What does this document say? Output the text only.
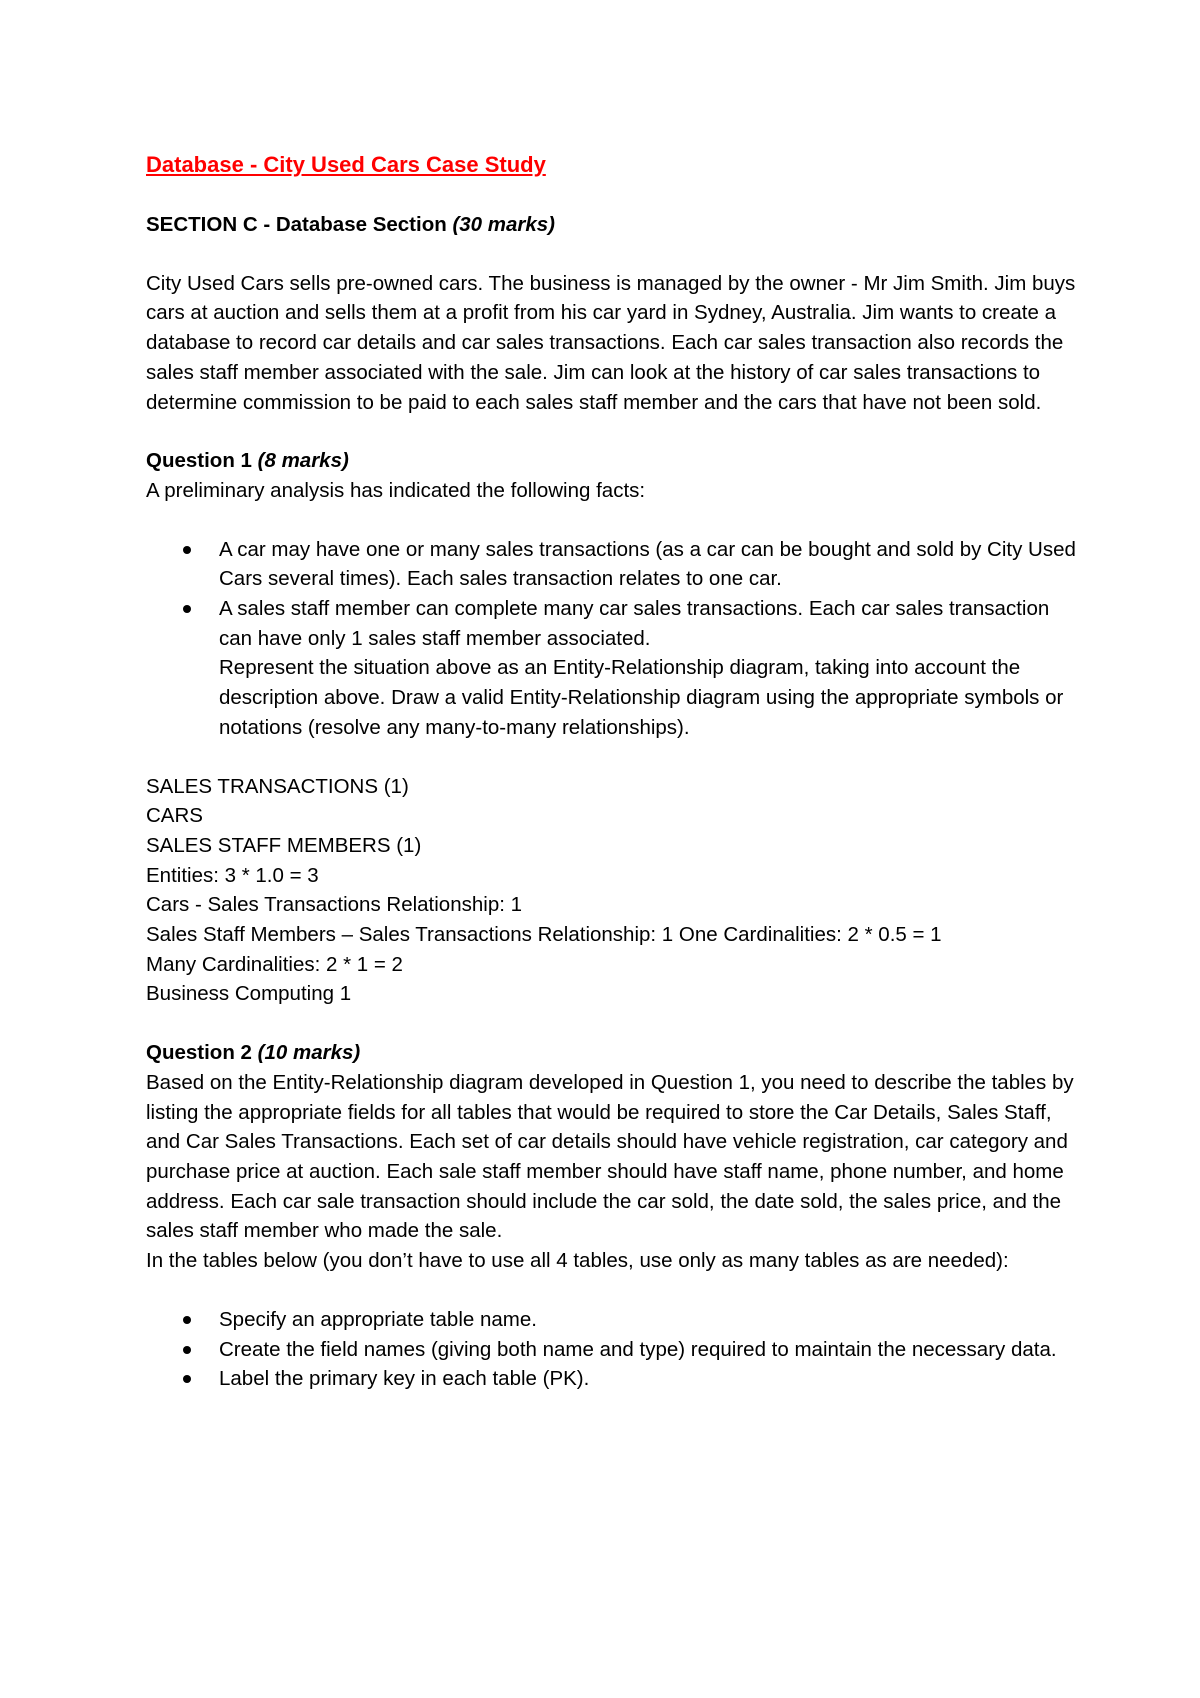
Database - City Used Cars Case Study
SECTION C - Database Section (30 marks)
City Used Cars sells pre-owned cars. The business is managed by the owner - Mr Jim Smith. Jim buys cars at auction and sells them at a profit from his car yard in Sydney, Australia. Jim wants to create a database to record car details and car sales transactions. Each car sales transaction also records the sales staff member associated with the sale. Jim can look at the history of car sales transactions to determine commission to be paid to each sales staff member and the cars that have not been sold.
Question 1 (8 marks)
A preliminary analysis has indicated the following facts:
A car may have one or many sales transactions (as a car can be bought and sold by City Used Cars several times). Each sales transaction relates to one car.
A sales staff member can complete many car sales transactions. Each car sales transaction can have only 1 sales staff member associated.
Represent the situation above as an Entity-Relationship diagram, taking into account the description above. Draw a valid Entity-Relationship diagram using the appropriate symbols or notations (resolve any many-to-many relationships).
SALES TRANSACTIONS (1)
CARS
SALES STAFF MEMBERS (1)
Entities: 3 * 1.0 = 3
Cars - Sales Transactions Relationship: 1
Sales Staff Members – Sales Transactions Relationship: 1 One Cardinalities: 2 * 0.5 = 1
Many Cardinalities: 2 * 1 = 2
Business Computing 1
Question 2 (10 marks)
Based on the Entity-Relationship diagram developed in Question 1, you need to describe the tables by listing the appropriate fields for all tables that would be required to store the Car Details, Sales Staff, and Car Sales Transactions. Each set of car details should have vehicle registration, car category and purchase price at auction. Each sale staff member should have staff name, phone number, and home address. Each car sale transaction should include the car sold, the date sold, the sales price, and the sales staff member who made the sale.
In the tables below (you don’t have to use all 4 tables, use only as many tables as are needed):
Specify an appropriate table name.
Create the field names (giving both name and type) required to maintain the necessary data.
Label the primary key in each table (PK).
